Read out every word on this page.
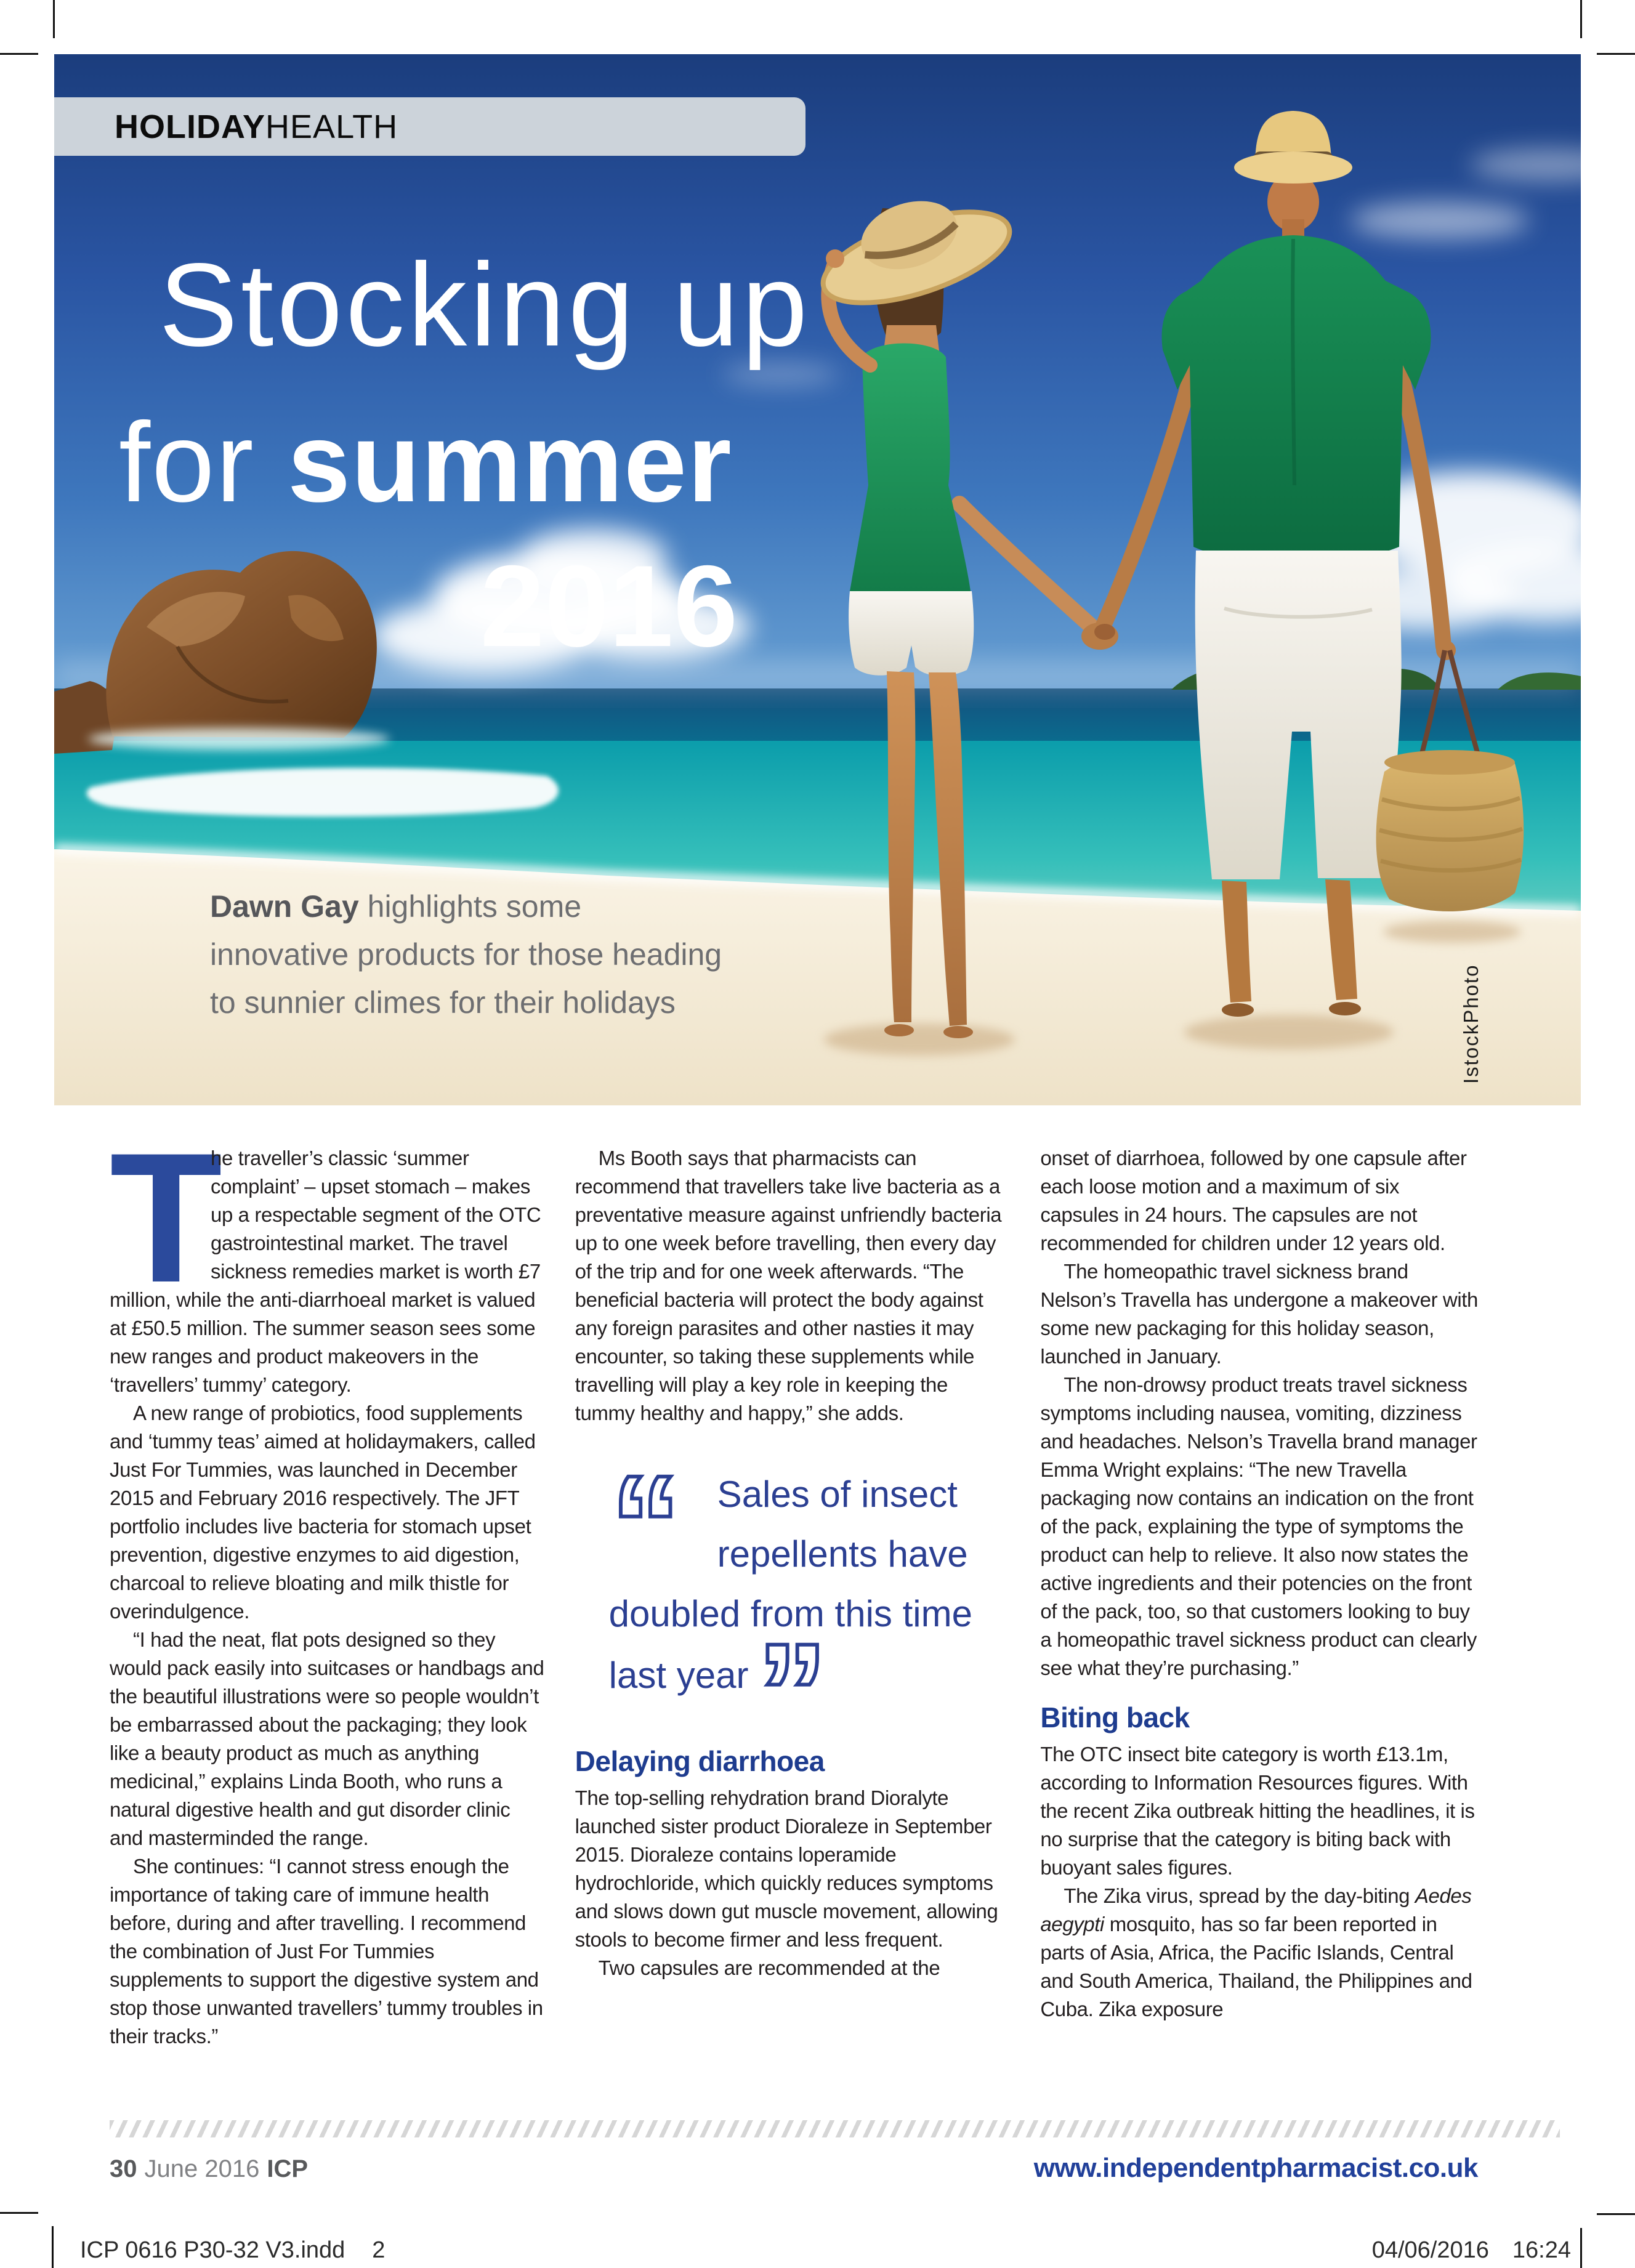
HOLIDAY HEALTH
Stocking up
for summer
2016
Dawn Gay highlights some innovative products for those heading to sunnier climes for their holidays	IstockPhoto

T
he traveller’s classic ‘summer complaint’ – upset stomach – makes up a respectable segment of the OTC gastrointestinal market. The travel sickness remedies market is worth £7 million, while the anti-diarrhoeal market is valued at £50.5 million. The summer season sees some new ranges and product makeovers in the ‘travellers’ tummy’ category.

A new range of probiotics, food supplements and ‘tummy teas’ aimed at holidaymakers, called Just For Tummies, was launched in December 2015 and February 2016 respectively. The JFT portfolio includes live bacteria for stomach upset prevention, digestive enzymes to aid digestion, charcoal to relieve bloating and milk thistle for overindulgence.

“I had the neat, flat pots designed so they would pack easily into suitcases or handbags and the beautiful illustrations were so people wouldn’t be embarrassed about the packaging; they look like a beauty product as much as anything medicinal,” explains Linda Booth, who runs a natural digestive health and gut disorder clinic and masterminded the range.

She continues: “I cannot stress enough the importance of taking care of immune health before, during and after travelling. I recommend the combination of Just For Tummies supplements to support the digestive system and stop those unwanted travellers’ tummy troubles in their tracks.”

Ms Booth says that pharmacists can recommend that travellers take live bacteria as a preventative measure against unfriendly bacteria up to one week before travelling, then every day of the trip and for one week afterwards. “The beneficial bacteria will protect the body against any foreign parasites and other nasties it may encounter, so taking these supplements while travelling will play a key role in keeping the tummy healthy and happy,” she adds.

“ Sales of insect repellents have doubled from this time last year ”
Delaying diarrhoea

The top-selling rehydration brand Dioralyte launched sister product Dioraleze in September 2015. Dioraleze contains loperamide hydrochloride, which quickly reduces symptoms and slows down gut muscle movement, allowing stools to become firmer and less frequent.

Two capsules are recommended at the

onset of diarrhoea, followed by one capsule after each loose motion and a maximum of six capsules in 24 hours. The capsules are not recommended for children under 12 years old.

The homeopathic travel sickness brand Nelson’s Travella has undergone a makeover with some new packaging for this holiday season, launched in January.

The non-drowsy product treats travel sickness symptoms including nausea, vomiting, dizziness and headaches. Nelson’s Travella brand manager Emma Wright explains: “The new Travella packaging now contains an indication on the front of the pack, explaining the type of symptoms the product can help to relieve. It also now states the active ingredients and their potencies on the front of the pack, too, so that customers looking to buy a homeopathic travel sickness product can clearly see what they’re purchasing.”

Biting back

The OTC insect bite category is worth £13.1m, according to Information Resources figures. With the recent Zika outbreak hitting the headlines, it is no surprise that the category is biting back with buoyant sales figures.

The Zika virus, spread by the day-biting Aedes aegypti mosquito, has so far been reported in parts of Asia, Africa, the Pacific Islands, Central and South America, Thailand, the Philippines and Cuba. Zika exposure

30 June 2016 ICP	www.independentpharmacist.co.uk
ICP 0616 P30-32 V3.indd 2	04/06/2016 16:24
